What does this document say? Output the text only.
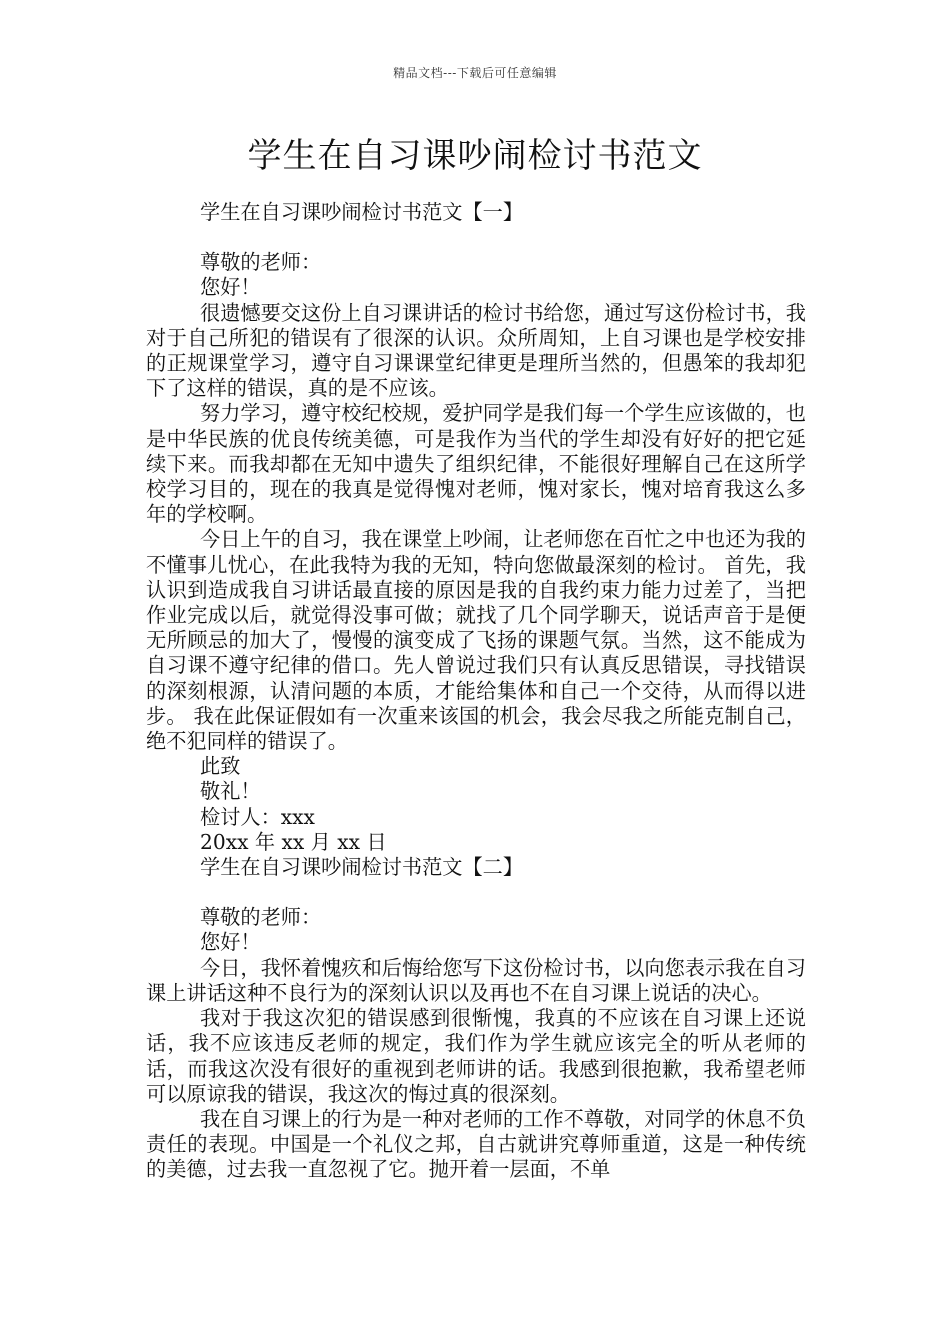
精品文档---下载后可任意编辑
学生在自习课吵闹检讨书范文

学生在自习课吵闹检讨书范文【一】

尊敬的老师：

您好！

很遗憾要交这份上自习课讲话的检讨书给您，通过写这份检讨书，我对于自己所犯的错误有了很深的认识。众所周知，上自习课也是学校安排的正规课堂学习，遵守自习课课堂纪律更是理所当然的，但愚笨的我却犯下了这样的错误，真的是不应该。

努力学习，遵守校纪校规，爱护同学是我们每一个学生应该做的，也是中华民族的优良传统美德，可是我作为当代的学生却没有好好的把它延续下来。而我却都在无知中遗失了组织纪律，不能很好理解自己在这所学校学习目的，现在的我真是觉得愧对老师，愧对家长，愧对培育我这么多年的学校啊。

今日上午的自习，我在课堂上吵闹，让老师您在百忙之中也还为我的不懂事儿忧心，在此我特为我的无知，特向您做最深刻的检讨。 首先，我认识到造成我自习讲话最直接的原因是我的自我约束力能力过差了，当把作业完成以后，就觉得没事可做；就找了几个同学聊天，说话声音于是便无所顾忌的加大了，慢慢的演变成了飞扬的课题气氛。当然，这不能成为自习课不遵守纪律的借口。先人曾说过我们只有认真反思错误，寻找错误的深刻根源，认清问题的本质，才能给集体和自己一个交待，从而得以进步。 我在此保证假如有一次重来该国的机会，我会尽我之所能克制自己，绝不犯同样的错误了。

此致

敬礼！

检讨人：xxx

20xx 年 xx 月 xx 日

学生在自习课吵闹检讨书范文【二】

尊敬的老师：

您好！

今日，我怀着愧疚和后悔给您写下这份检讨书，以向您表示我在自习课上讲话这种不良行为的深刻认识以及再也不在自习课上说话的决心。

我对于我这次犯的错误感到很惭愧，我真的不应该在自习课上还说话，我不应该违反老师的规定，我们作为学生就应该完全的听从老师的话，而我这次没有很好的重视到老师讲的话。我感到很抱歉，我希望老师可以原谅我的错误，我这次的悔过真的很深刻。

我在自习课上的行为是一种对老师的工作不尊敬，对同学的休息不负责任的表现。中国是一个礼仪之邦，自古就讲究尊师重道，这是一种传统的美德，过去我一直忽视了它。抛开着一层面，不单
